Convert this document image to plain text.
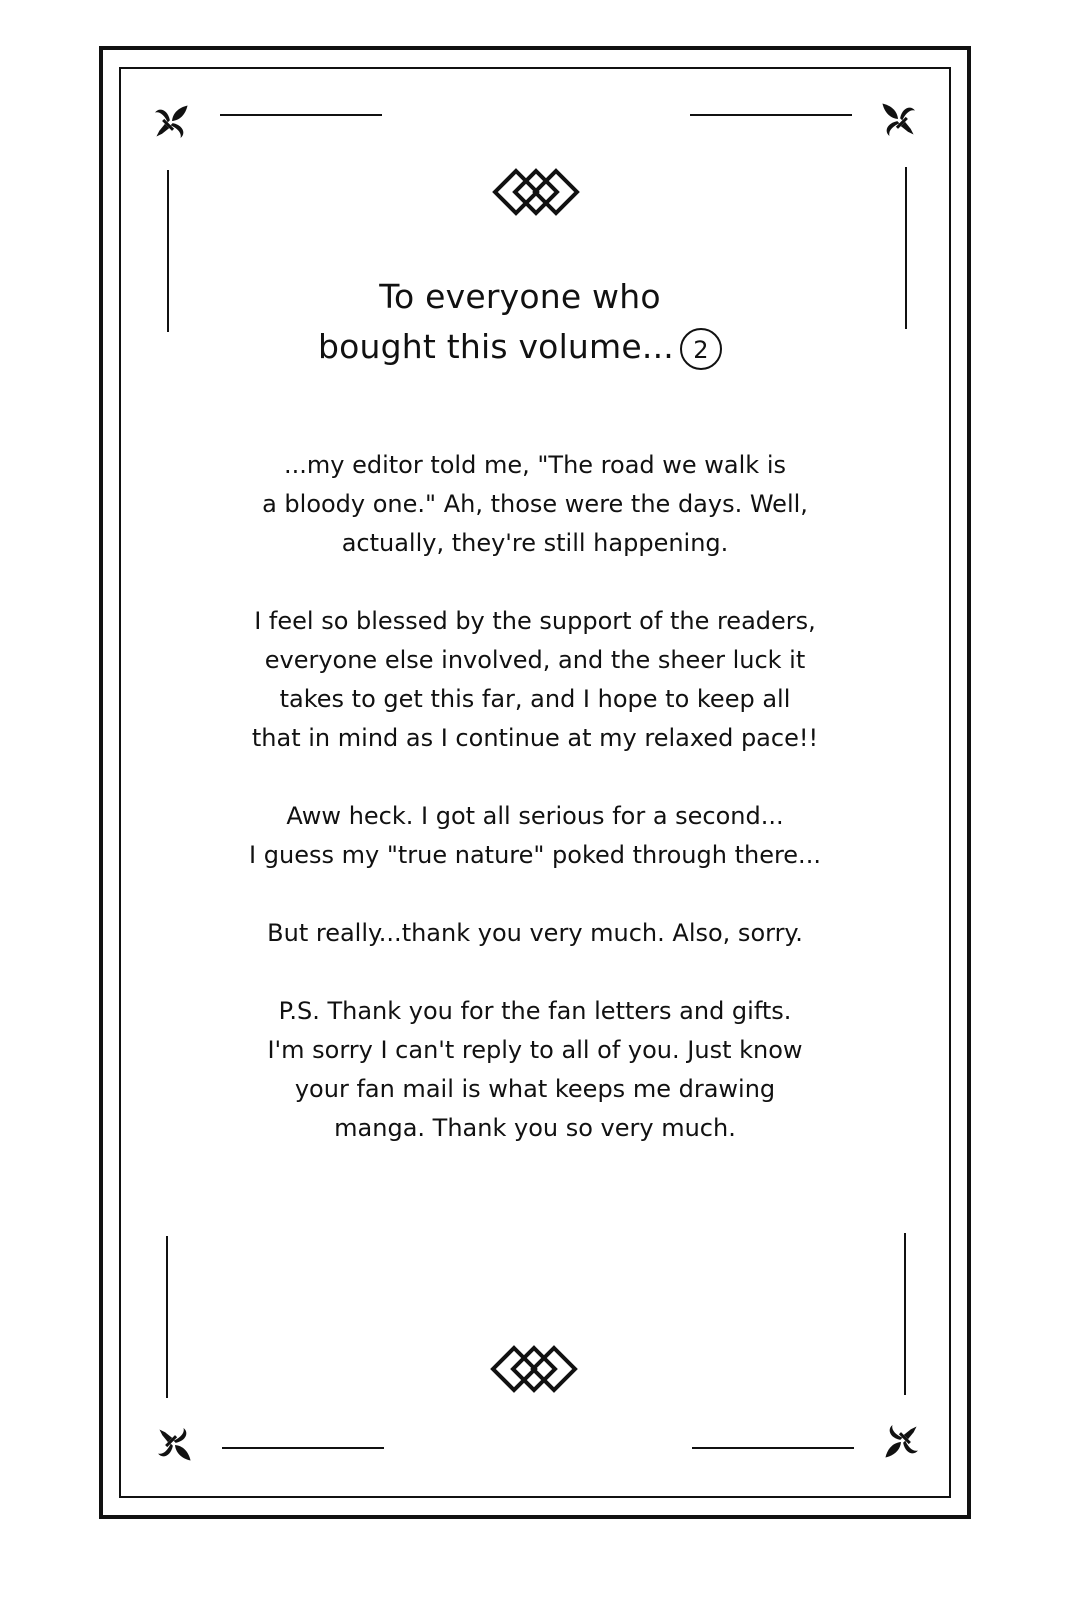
To everyone who
bought this volume... 2

...my editor told me, "The road we walk is
a bloody one." Ah, those were the days. Well,
actually, they're still happening.

I feel so blessed by the support of the readers,
everyone else involved, and the sheer luck it
takes to get this far, and I hope to keep all
that in mind as I continue at my relaxed pace!!

Aww heck. I got all serious for a second...
I guess my "true nature" poked through there...

But really...thank you very much. Also, sorry.

P.S. Thank you for the fan letters and gifts.
I'm sorry I can't reply to all of you. Just know
your fan mail is what keeps me drawing
manga. Thank you so very much.
